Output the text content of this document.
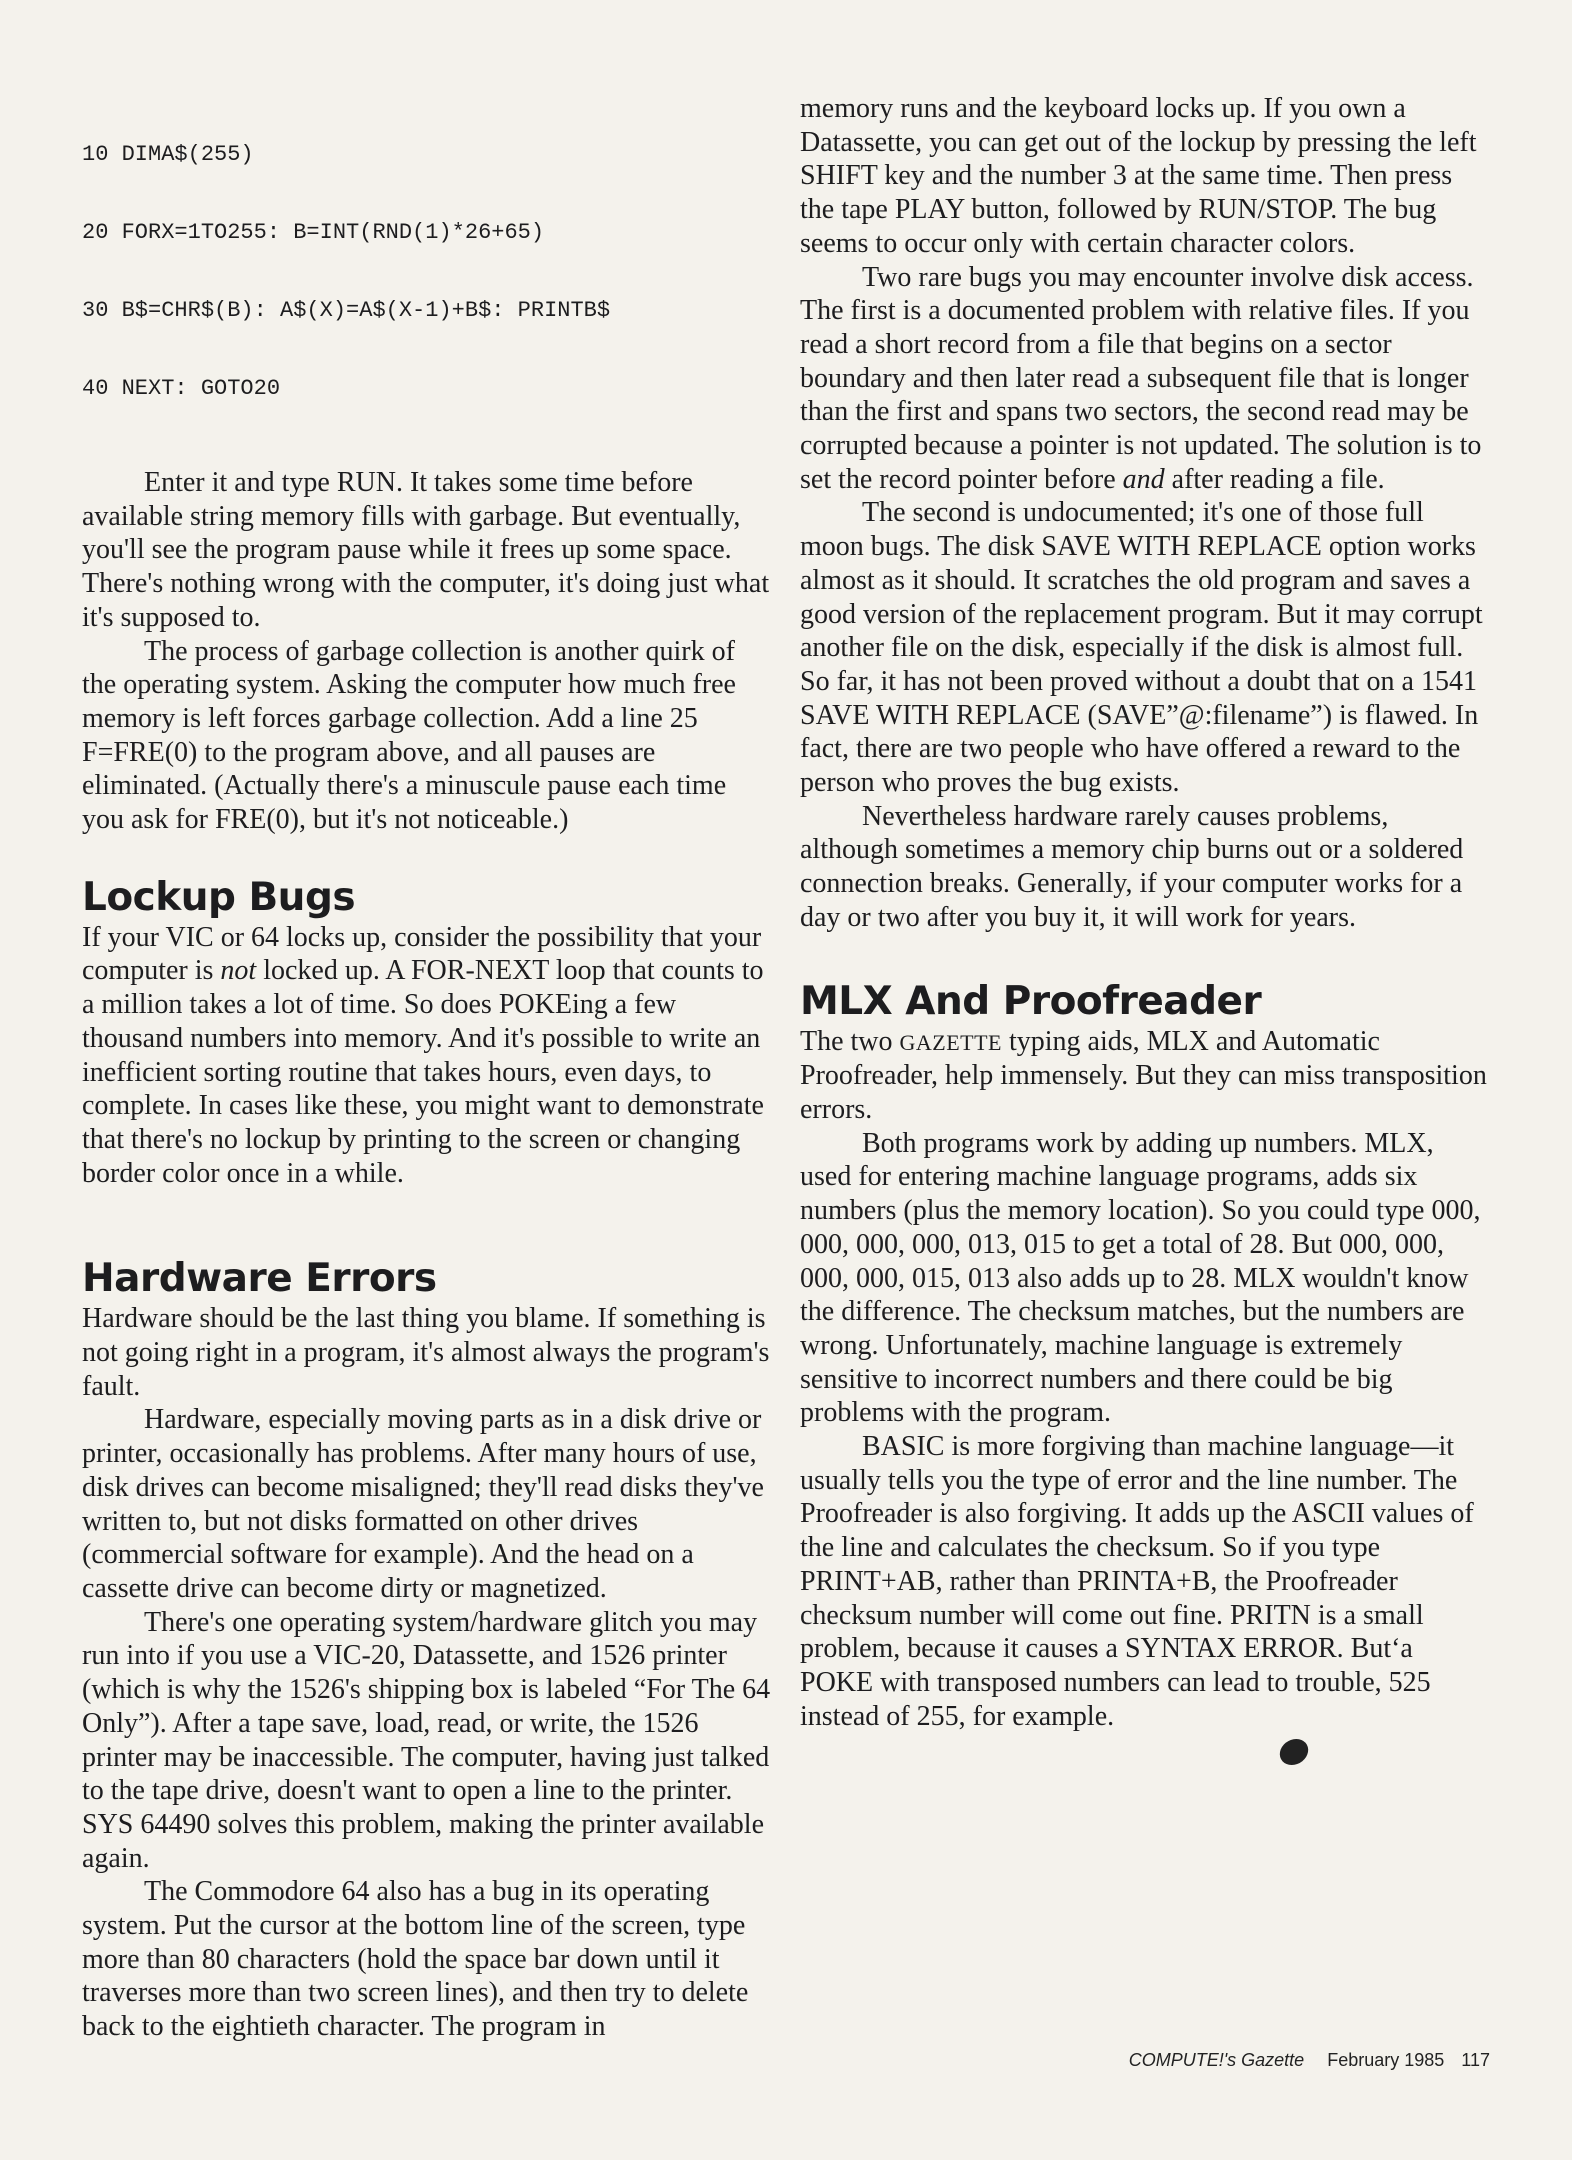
10 DIMA$(255)

20 FORX=1TO255: B=INT(RND(1)*26+65)

30 B$=CHR$(B): A$(X)=A$(X-1)+B$: PRINTB$

40 NEXT: GOTO20

Enter it and type RUN. It takes some time before available string memory fills with garbage. But eventually, you'll see the program pause while it frees up some space. There's nothing wrong with the computer, it's doing just what it's supposed to.

The process of garbage collection is another quirk of the operating system. Asking the computer how much free memory is left forces garbage collection. Add a line 25 F=FRE(0) to the program above, and all pauses are eliminated. (Actually there's a minuscule pause each time you ask for FRE(0), but it's not noticeable.)

Lockup Bugs

If your VIC or 64 locks up, consider the possibility that your computer is not locked up. A FOR-NEXT loop that counts to a million takes a lot of time. So does POKEing a few thousand numbers into memory. And it's possible to write an inefficient sorting routine that takes hours, even days, to complete. In cases like these, you might want to demonstrate that there's no lockup by printing to the screen or changing border color once in a while.

Hardware Errors

Hardware should be the last thing you blame. If something is not going right in a program, it's almost always the program's fault.

Hardware, especially moving parts as in a disk drive or printer, occasionally has problems. After many hours of use, disk drives can become misaligned; they'll read disks they've written to, but not disks formatted on other drives (commercial software for example). And the head on a cassette drive can become dirty or magnetized.

There's one operating system/hardware glitch you may run into if you use a VIC-20, Datassette, and 1526 printer (which is why the 1526's shipping box is labeled “For The 64 Only”). After a tape save, load, read, or write, the 1526 printer may be inaccessible. The computer, having just talked to the tape drive, doesn't want to open a line to the printer. SYS 64490 solves this problem, making the printer available again.

The Commodore 64 also has a bug in its operating system. Put the cursor at the bottom line of the screen, type more than 80 characters (hold the space bar down until it traverses more than two screen lines), and then try to delete back to the eightieth character. The program in

memory runs and the keyboard locks up. If you own a Datassette, you can get out of the lockup by pressing the left SHIFT key and the number 3 at the same time. Then press the tape PLAY button, followed by RUN/STOP. The bug seems to occur only with certain character colors.

Two rare bugs you may encounter involve disk access. The first is a documented problem with relative files. If you read a short record from a file that begins on a sector boundary and then later read a subsequent file that is longer than the first and spans two sectors, the second read may be corrupted because a pointer is not updated. The solution is to set the record pointer before and after reading a file.

The second is undocumented; it's one of those full moon bugs. The disk SAVE WITH REPLACE option works almost as it should. It scratches the old program and saves a good version of the replacement program. But it may corrupt another file on the disk, especially if the disk is almost full. So far, it has not been proved without a doubt that on a 1541 SAVE WITH REPLACE (SAVE”@:filename”) is flawed. In fact, there are two people who have offered a reward to the person who proves the bug exists.

Nevertheless hardware rarely causes problems, although sometimes a memory chip burns out or a soldered connection breaks. Generally, if your computer works for a day or two after you buy it, it will work for years.

MLX And Proofreader

The two GAZETTE typing aids, MLX and Automatic Proofreader, help immensely. But they can miss transposition errors.

Both programs work by adding up numbers. MLX, used for entering machine language programs, adds six numbers (plus the memory location). So you could type 000, 000, 000, 000, 013, 015 to get a total of 28. But 000, 000, 000, 000, 015, 013 also adds up to 28. MLX wouldn't know the difference. The checksum matches, but the numbers are wrong. Unfortunately, machine language is extremely sensitive to incorrect numbers and there could be big problems with the program.

BASIC is more forgiving than machine language—it usually tells you the type of error and the line number. The Proofreader is also forgiving. It adds up the ASCII values of the line and calculates the checksum. So if you type PRINT+AB, rather than PRINTA+B, the Proofreader checksum number will come out fine. PRITN is a small problem, because it causes a SYNTAX ERROR. Butʻa POKE with transposed numbers can lead to trouble, 525 instead of 255, for example.G

COMPUTE!'s Gazette February 1985 117
